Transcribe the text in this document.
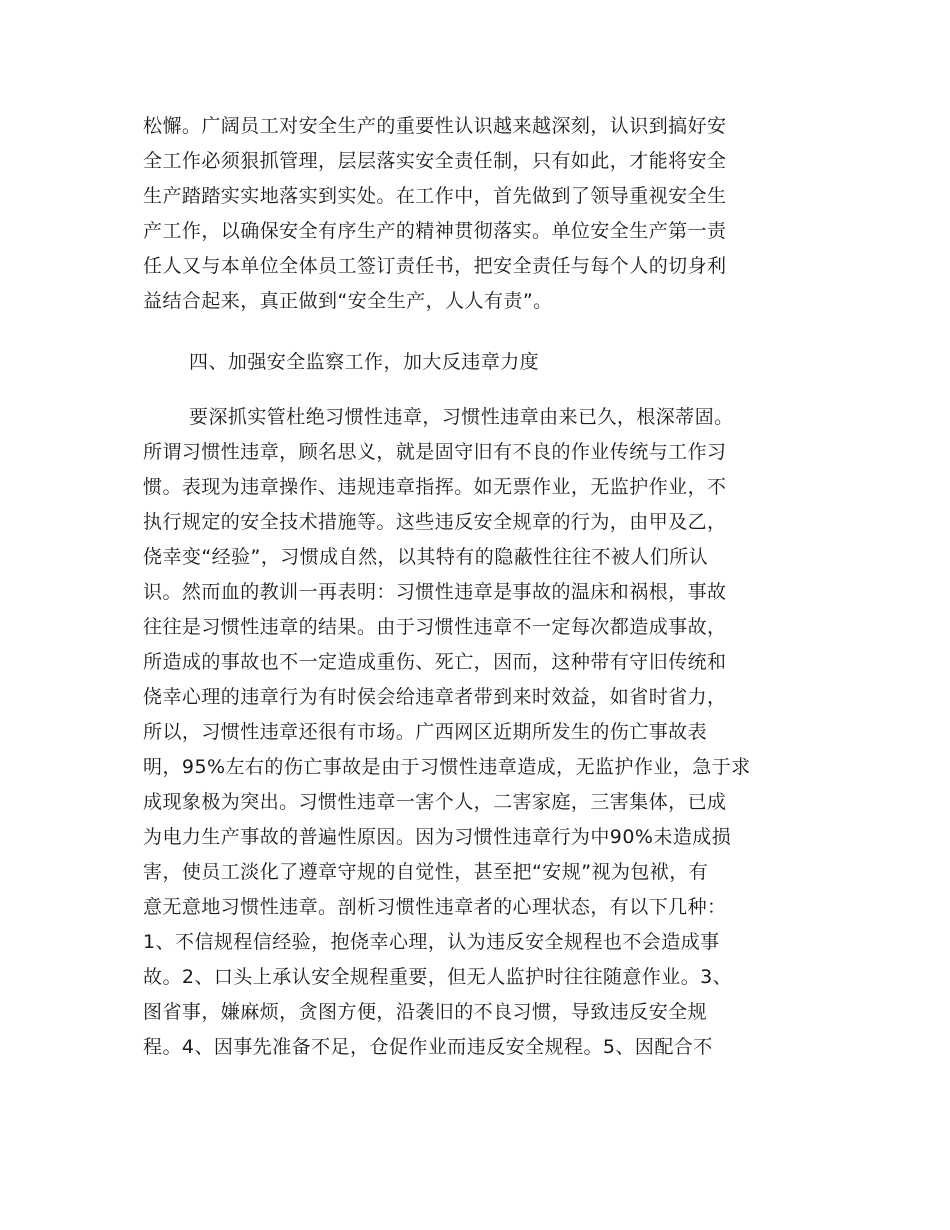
松懈。广阔员工对安全生产的重要性认识越来越深刻，认识到搞好安
全工作必须狠抓管理，层层落实安全责任制，只有如此，才能将安全
生产踏踏实实地落实到实处。在工作中，首先做到了领导重视安全生
产工作，以确保安全有序生产的精神贯彻落实。单位安全生产第一责
任人又与本单位全体员工签订责任书，把安全责任与每个人的切身利
益结合起来，真正做到“安全生产，人人有责”。
四、加强安全监察工作，加大反违章力度
要深抓实管杜绝习惯性违章，习惯性违章由来已久，根深蒂固。
所谓习惯性违章，顾名思义，就是固守旧有不良的作业传统与工作习
惯。表现为违章操作、违规违章指挥。如无票作业，无监护作业，不
执行规定的安全技术措施等。这些违反安全规章的行为，由甲及乙，
侥幸变“经验”，习惯成自然，以其特有的隐蔽性往往不被人们所认
识。然而血的教训一再表明：习惯性违章是事故的温床和祸根，事故
往往是习惯性违章的结果。由于习惯性违章不一定每次都造成事故，
所造成的事故也不一定造成重伤、死亡，因而，这种带有守旧传统和
侥幸心理的违章行为有时侯会给违章者带到来时效益，如省时省力，
所以，习惯性违章还很有市场。广西网区近期所发生的伤亡事故表
明，95%左右的伤亡事故是由于习惯性违章造成，无监护作业，急于求
成现象极为突出。习惯性违章一害个人，二害家庭，三害集体，已成
为电力生产事故的普遍性原因。因为习惯性违章行为中90%未造成损
害，使员工淡化了遵章守规的自觉性，甚至把“安规”视为包袱，有
意无意地习惯性违章。剖析习惯性违章者的心理状态，有以下几种：
1、不信规程信经验，抱侥幸心理，认为违反安全规程也不会造成事
故。2、口头上承认安全规程重要，但无人监护时往往随意作业。3、
图省事，嫌麻烦，贪图方便，沿袭旧的不良习惯，导致违反安全规
程。4、因事先准备不足，仓促作业而违反安全规程。5、因配合不
